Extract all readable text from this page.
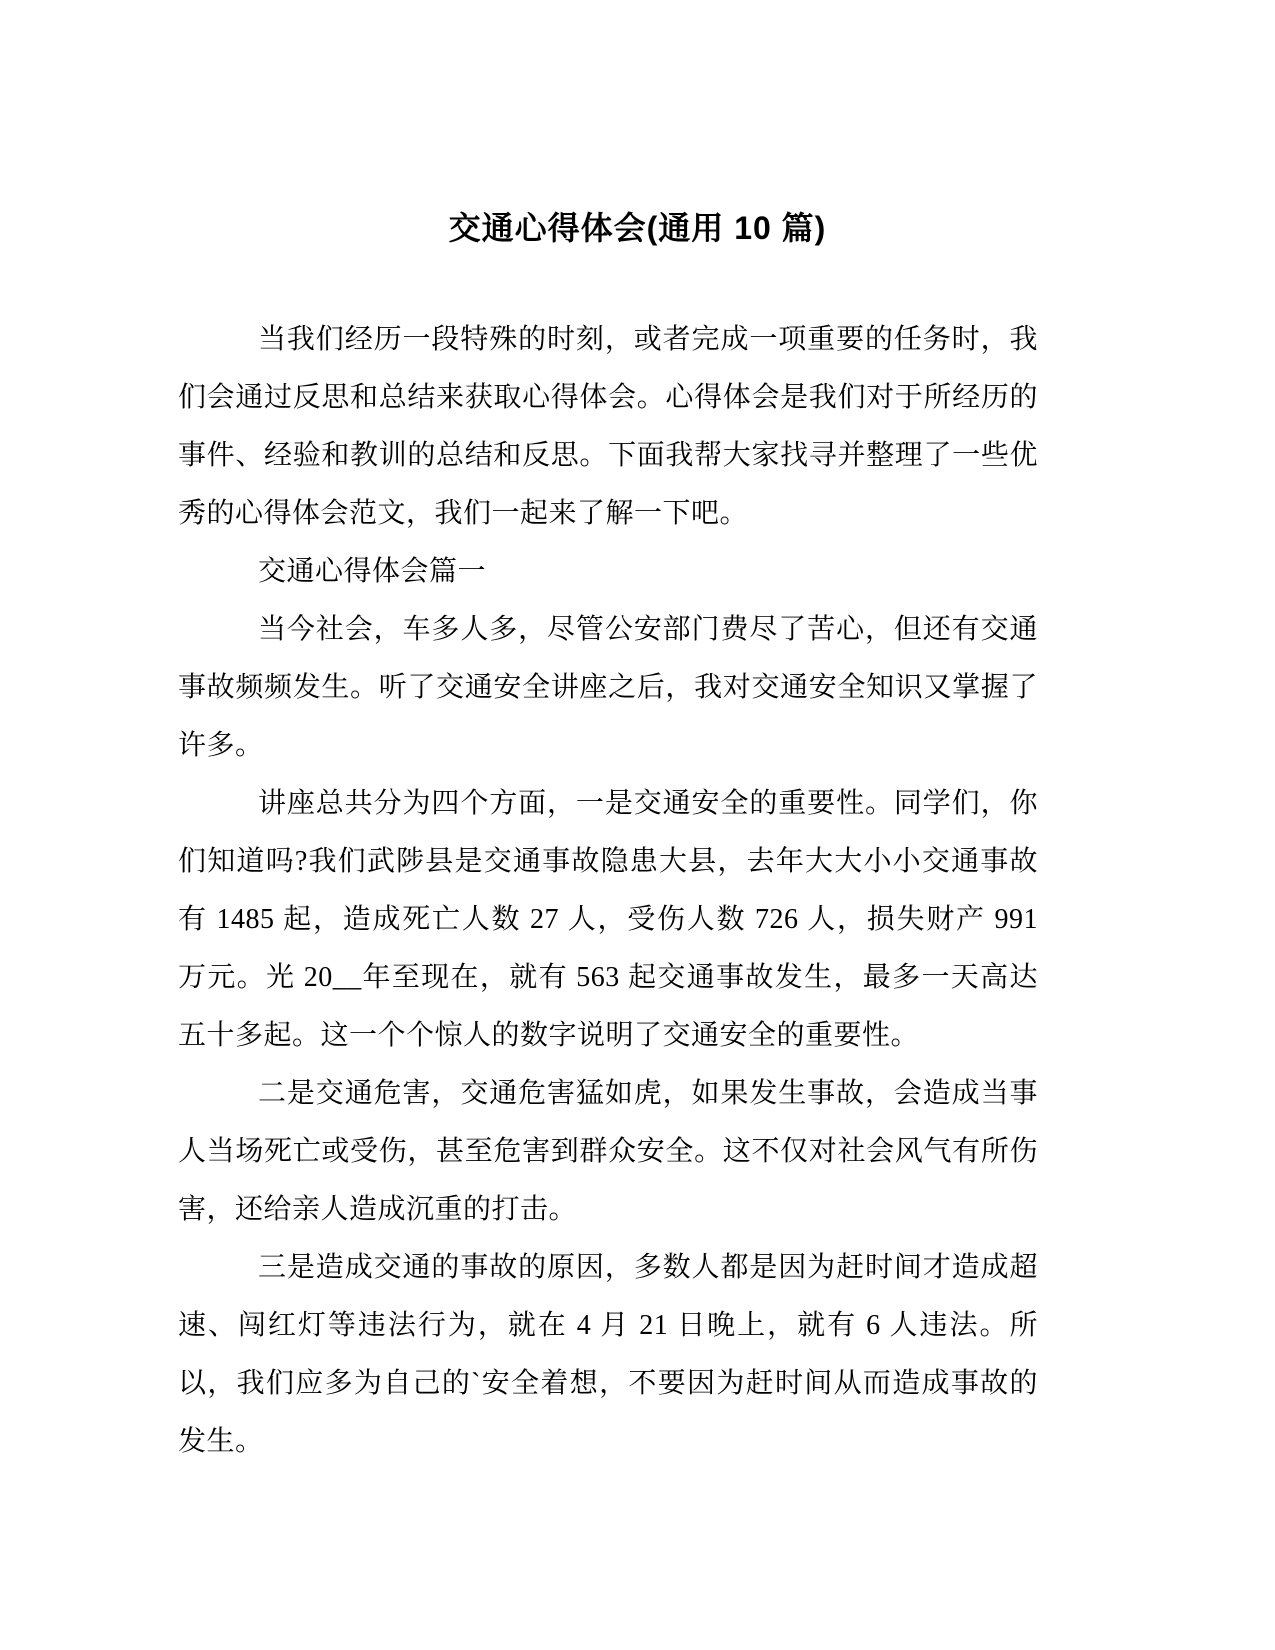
交通心得体会(通用 10 篇)

当我们经历一段特殊的时刻，或者完成一项重要的任务时，我们会通过反思和总结来获取心得体会。心得体会是我们对于所经历的事件、经验和教训的总结和反思。下面我帮大家找寻并整理了一些优秀的心得体会范文，我们一起来了解一下吧。

交通心得体会篇一

当今社会，车多人多，尽管公安部门费尽了苦心，但还有交通事故频频发生。听了交通安全讲座之后，我对交通安全知识又掌握了许多。

讲座总共分为四个方面，一是交通安全的重要性。同学们，你们知道吗?我们武陟县是交通事故隐患大县，去年大大小小交通事故有 1485 起，造成死亡人数 27 人，受伤人数 726 人，损失财产 991 万元。光 20__年至现在，就有 563 起交通事故发生，最多一天高达五十多起。这一个个惊人的数字说明了交通安全的重要性。

二是交通危害，交通危害猛如虎，如果发生事故，会造成当事人当场死亡或受伤，甚至危害到群众安全。这不仅对社会风气有所伤害，还给亲人造成沉重的打击。

三是造成交通的事故的原因，多数人都是因为赶时间才造成超速、闯红灯等违法行为，就在 4 月 21 日晚上，就有 6 人违法。所以，我们应多为自己的`安全着想，不要因为赶时间从而造成事故的发生。
